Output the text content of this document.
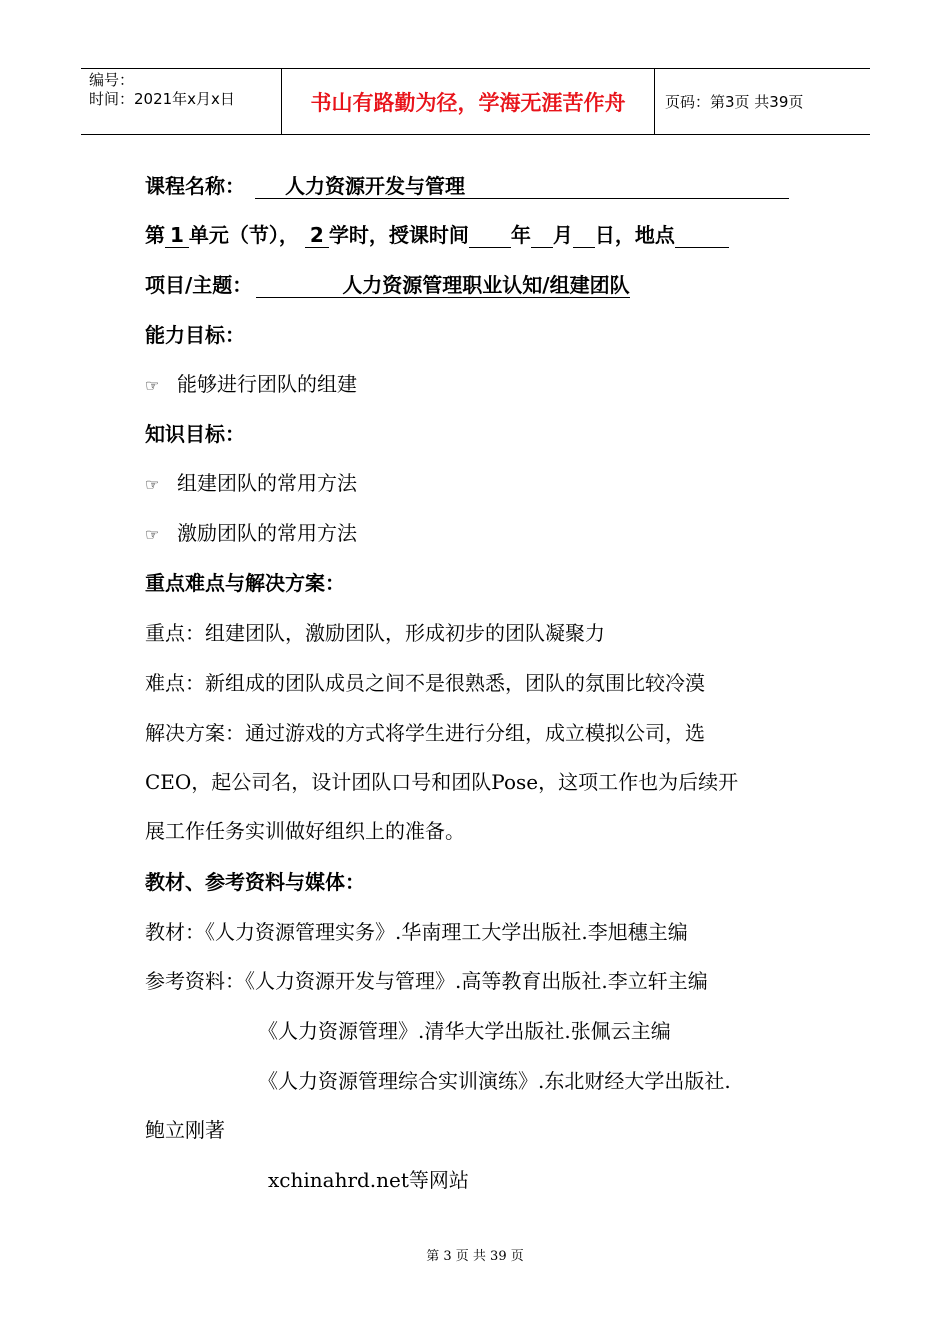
编号：
时间：2021年x月x日	书山有路勤为径，学海无涯苦作舟	页码：第3页 共39页
课程名称： 人力资源开发与管理
第 1 单元（节）， 2 学时，授课时间 年 月 日，地点
项目/主题：	人力资源管理职业认知/组建团队
能力目标：
☞ 能够进行团队的组建
知识目标：
☞ 组建团队的常用方法
☞ 激励团队的常用方法
重点难点与解决方案：
重点：组建团队，激励团队，形成初步的团队凝聚力
难点：新组成的团队成员之间不是很熟悉，团队的氛围比较冷漠
解决方案：通过游戏的方式将学生进行分组，成立模拟公司，选
CEO，起公司名，设计团队口号和团队Pose，这项工作也为后续开
展工作任务实训做好组织上的准备。
教材、参考资料与媒体：
教材：《人力资源管理实务》.华南理工大学出版社.李旭穗主编
参考资料：《人力资源开发与管理》.高等教育出版社.李立轩主编
《人力资源管理》.清华大学出版社.张佩云主编
《人力资源管理综合实训演练》.东北财经大学出版社.
鲍立刚著
xchinahrd.net等网站
第 3 页 共 39 页
